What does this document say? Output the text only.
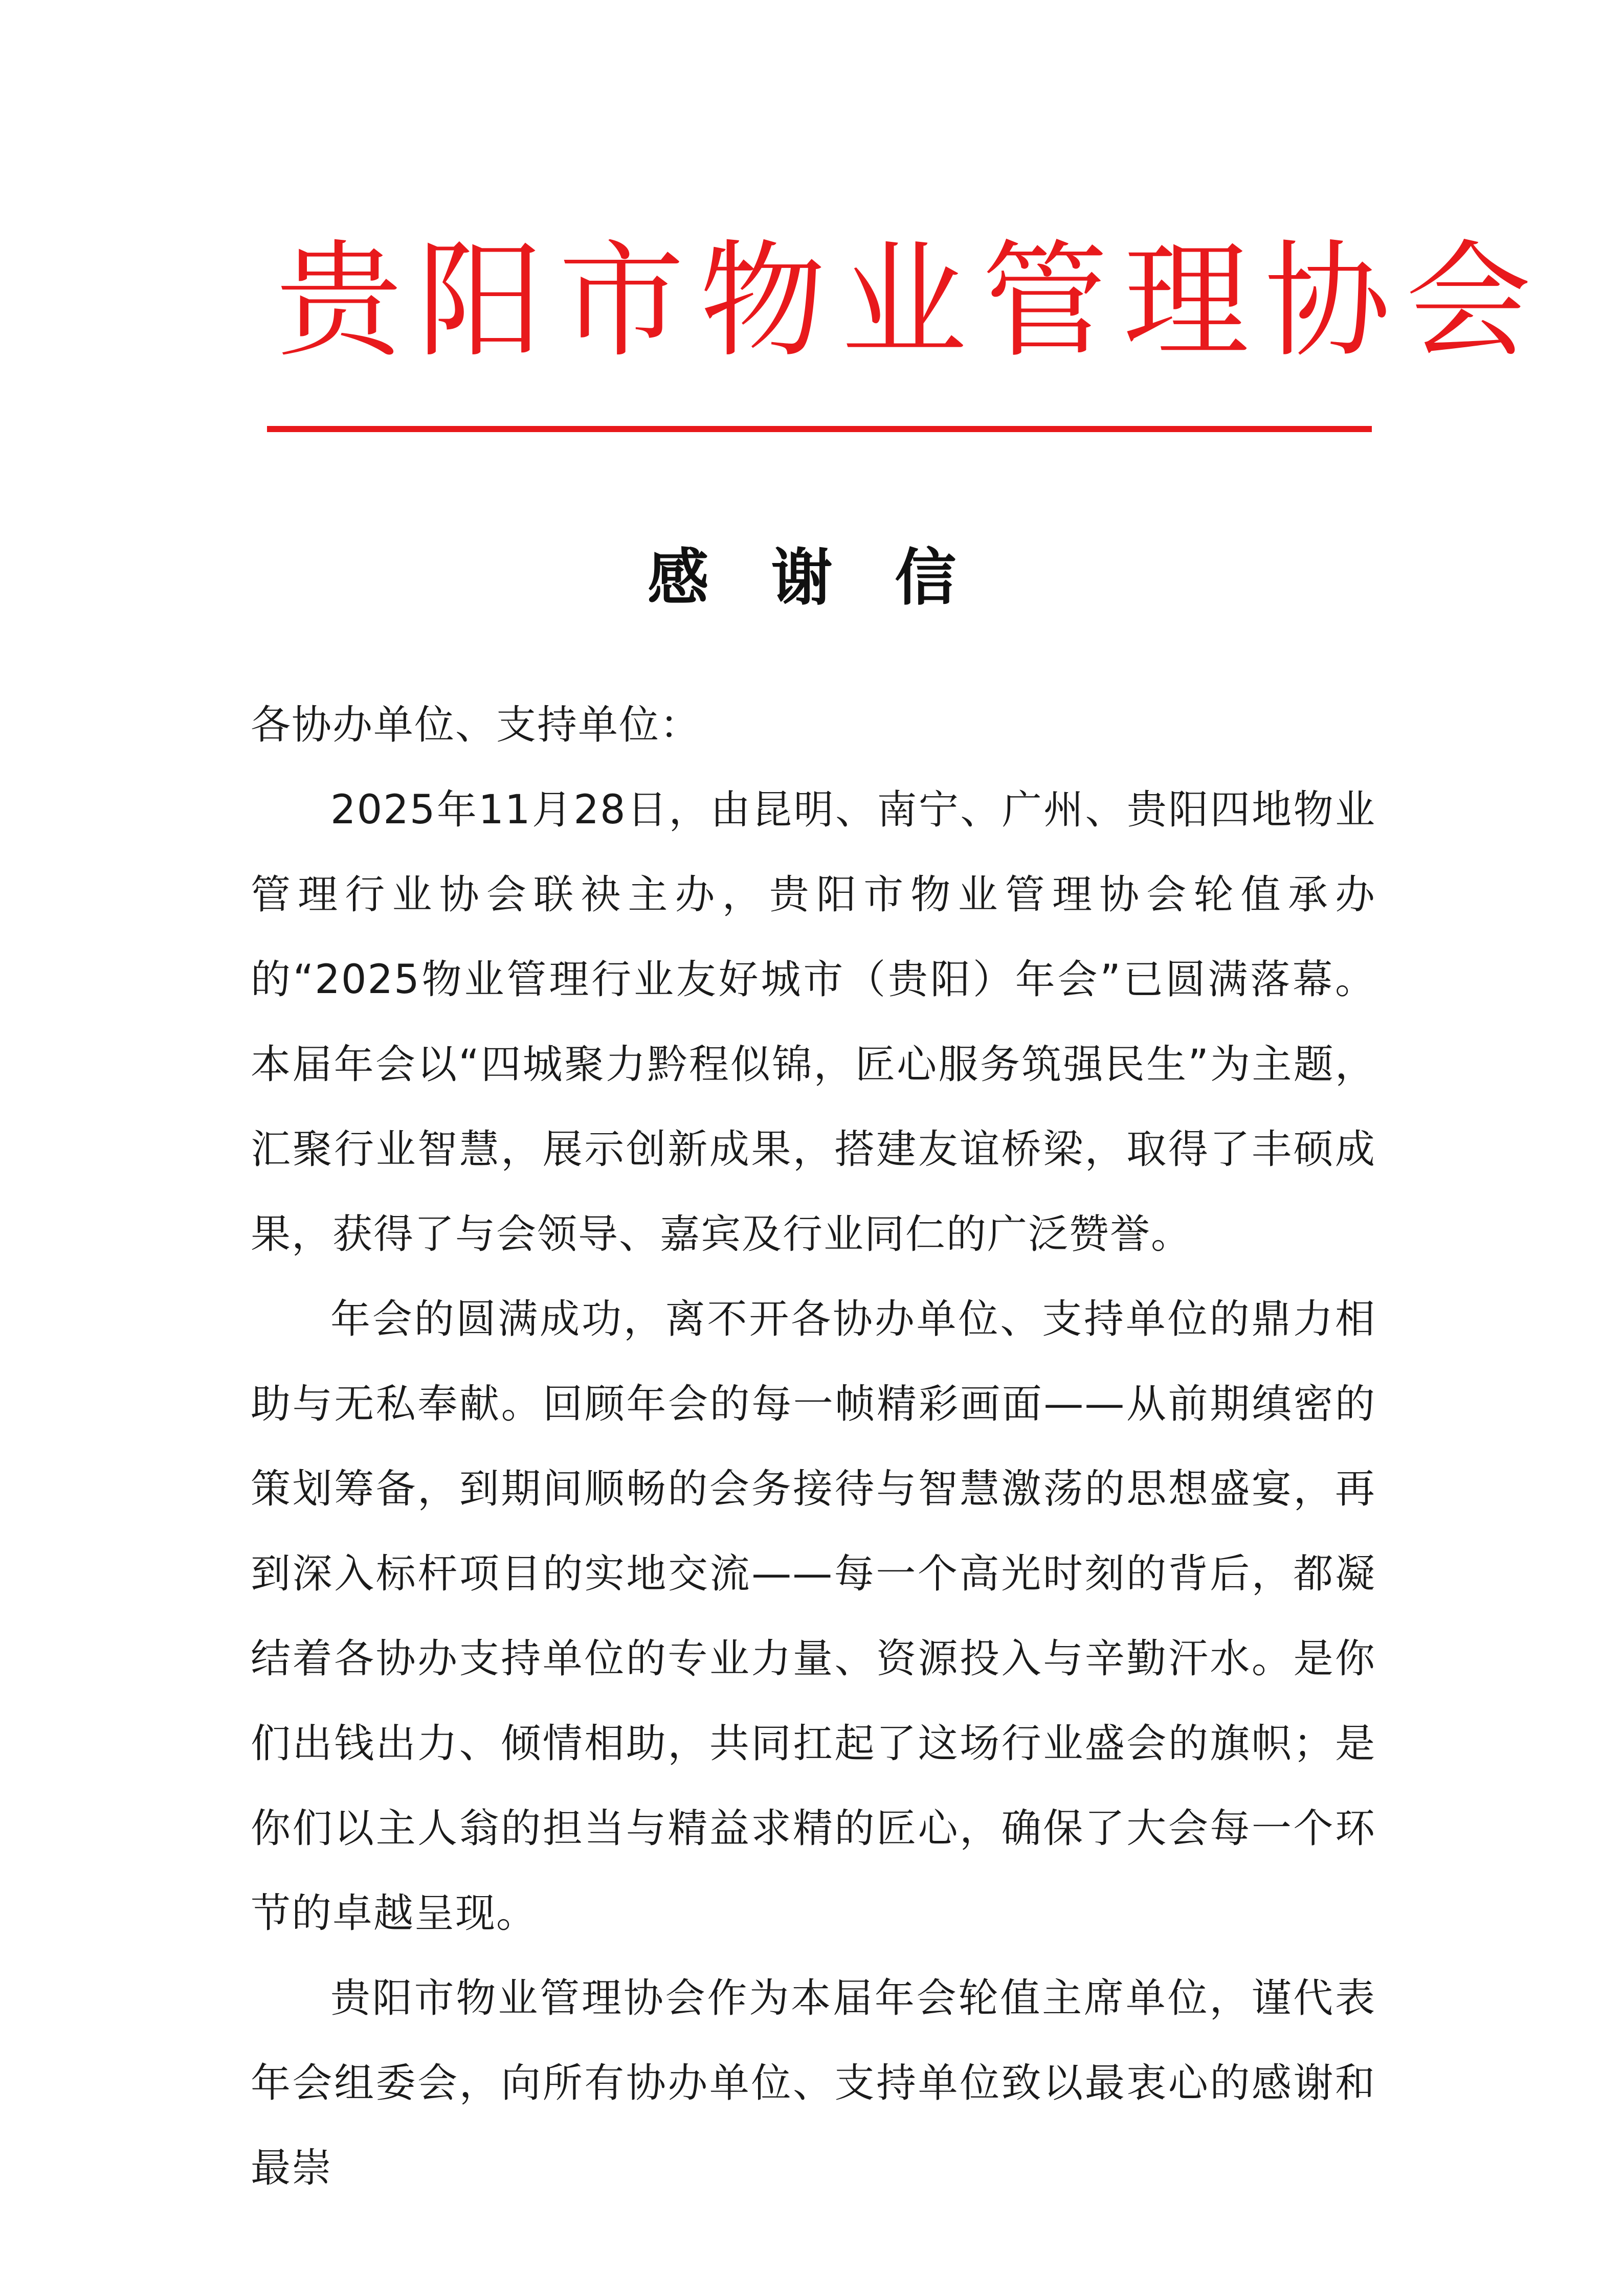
贵阳市物业管理协会
感 谢 信

各协办单位、支持单位：

2025年11月28日，由昆明、南宁、广州、贵阳四地物业管理行业协会联袂主办，贵阳市物业管理协会轮值承办的“2025物业管理行业友好城市（贵阳）年会”已圆满落幕。本届年会以“四城聚力黔程似锦，匠心服务筑强民生”为主题，汇聚行业智慧，展示创新成果，搭建友谊桥梁，取得了丰硕成果，获得了与会领导、嘉宾及行业同仁的广泛赞誉。

年会的圆满成功，离不开各协办单位、支持单位的鼎力相助与无私奉献。回顾年会的每一帧精彩画面——从前期缜密的策划筹备，到期间顺畅的会务接待与智慧激荡的思想盛宴，再到深入标杆项目的实地交流——每一个高光时刻的背后，都凝结着各协办支持单位的专业力量、资源投入与辛勤汗水。是你们出钱出力、倾情相助，共同扛起了这场行业盛会的旗帜；是你们以主人翁的担当与精益求精的匠心，确保了大会每一个环节的卓越呈现。

贵阳市物业管理协会作为本届年会轮值主席单位，谨代表年会组委会，向所有协办单位、支持单位致以最衷心的感谢和最崇
